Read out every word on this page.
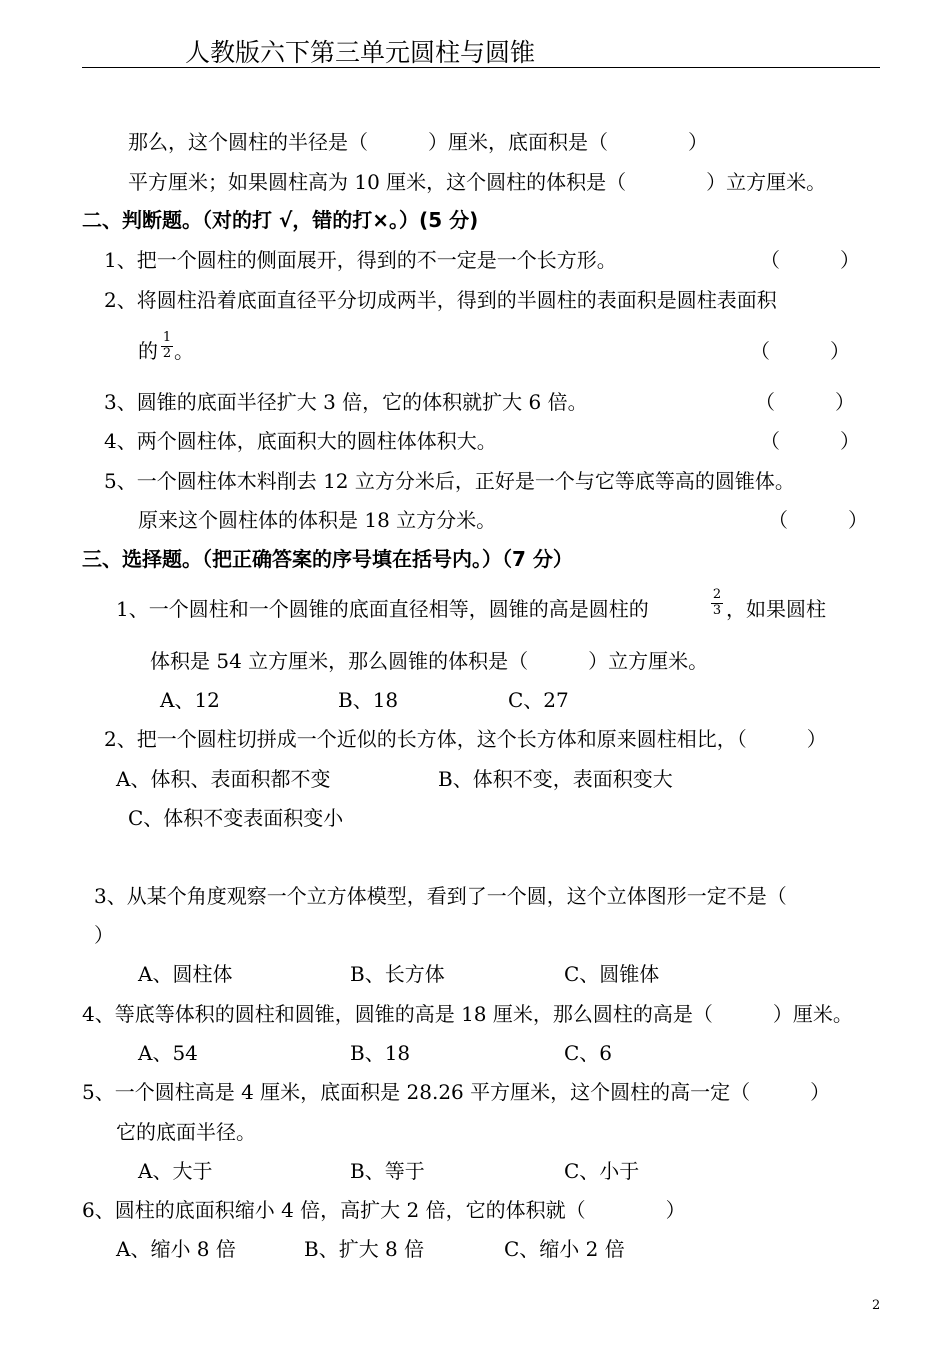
人教版六下第三单元圆柱与圆锥
那么，这个圆柱的半径是（　　　）厘米，底面积是（　　　　）
平方厘米；如果圆柱高为 10 厘米，这个圆柱的体积是（　　　　）立方厘米。
二、判断题。（对的打 √，错的打×。）(5 分)
1、把一个圆柱的侧面展开，得到的不一定是一个长方形。	（　　　）
2、将圆柱沿着底面直径平分切成两半，得到的半圆柱的表面积是圆柱表面积
的 $\frac{1}{2}$ 。	（　　　）
3、圆锥的底面半径扩大 3 倍，它的体积就扩大 6 倍。	（　　　）
4、两个圆柱体，底面积大的圆柱体体积大。	（　　　）
5、一个圆柱体木料削去 12 立方分米后，正好是一个与它等底等高的圆锥体。
原来这个圆柱体的体积是 18 立方分米。	（　　　）
三、选择题。（把正确答案的序号填在括号内。）（7 分）
1、一个圆柱和一个圆锥的底面直径相等，圆锥的高是圆柱的	$\frac{2}{3}$ ，如果圆柱
体积是 54 立方厘米，那么圆锥的体积是（　　　）立方厘米。
A、12	B、18	C、27
2、把一个圆柱切拼成一个近似的长方体，这个长方体和原来圆柱相比，（　　　）
A、体积、表面积都不变	B、体积不变，表面积变大
C、体积不变表面积变小
3、从某个角度观察一个立方体模型，看到了一个圆，这个立体图形一定不是（
）
A、圆柱体	B、长方体	C、圆锥体
4、等底等体积的圆柱和圆锥，圆锥的高是 18 厘米，那么圆柱的高是（　　　）厘米。
A、54	B、18	C、6
5、一个圆柱高是 4 厘米，底面积是 28.26 平方厘米，这个圆柱的高一定（　　　）
它的底面半径。
A、大于	B、等于	C、小于
6、圆柱的底面积缩小 4 倍，高扩大 2 倍，它的体积就（　　　　）
A、缩小 8 倍	B、扩大 8 倍	C、缩小 2 倍
2
